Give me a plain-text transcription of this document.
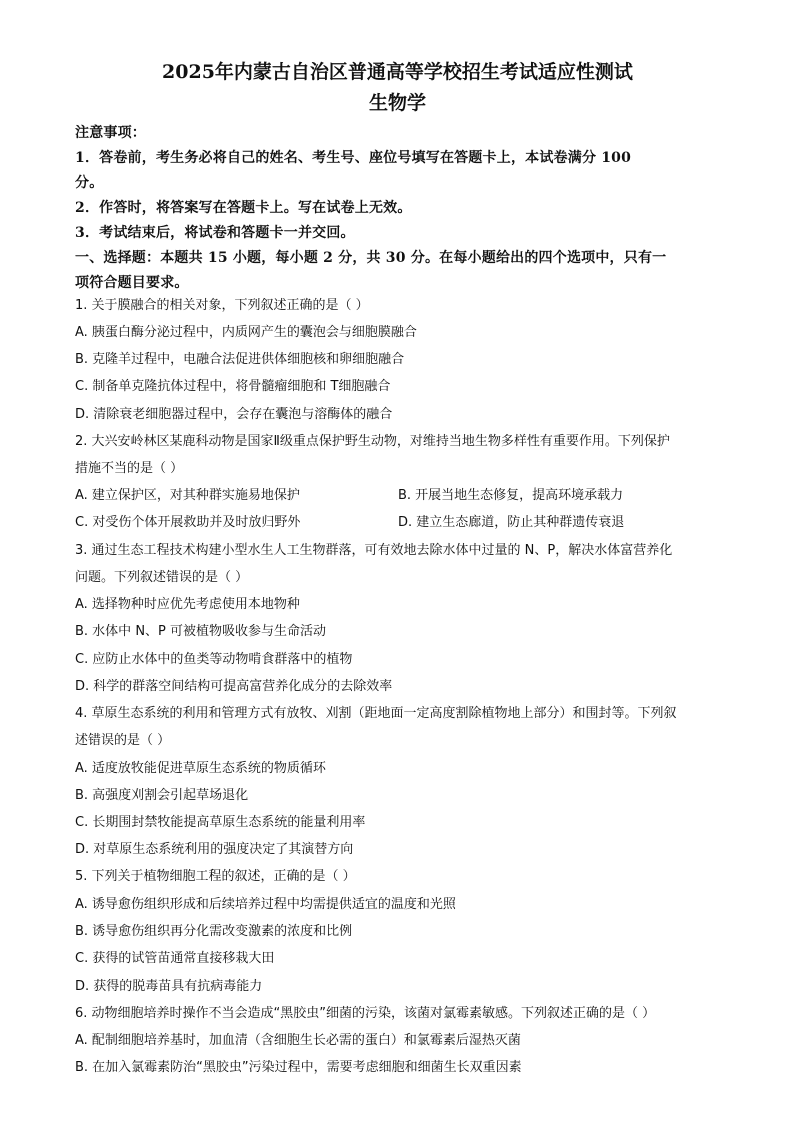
2025年内蒙古自治区普通高等学校招生考试适应性测试
生物学
注意事项：
1．答卷前，考生务必将自己的姓名、考生号、座位号填写在答题卡上，本试卷满分 100
分。
2．作答时，将答案写在答题卡上。写在试卷上无效。
3．考试结束后，将试卷和答题卡一并交回。
一、选择题：本题共 15 小题，每小题 2 分，共 30 分。在每小题给出的四个选项中，只有一
项符合题目要求。
1. 关于膜融合的相关对象，下列叙述正确的是（ ）
A. 胰蛋白酶分泌过程中，内质网产生的囊泡会与细胞膜融合
B. 克隆羊过程中，电融合法促进供体细胞核和卵细胞融合
C. 制备单克隆抗体过程中，将骨髓瘤细胞和 T细胞融合
D. 清除衰老细胞器过程中，会存在囊泡与溶酶体的融合
2. 大兴安岭林区某鹿科动物是国家Ⅱ级重点保护野生动物，对维持当地生物多样性有重要作用。下列保护
措施不当的是（ ）
A. 建立保护区，对其种群实施易地保护	B. 开展当地生态修复，提高环境承载力
C. 对受伤个体开展救助并及时放归野外	D. 建立生态廊道，防止其种群遗传衰退
3. 通过生态工程技术构建小型水生人工生物群落，可有效地去除水体中过量的 N、P，解决水体富营养化
问题。下列叙述错误的是（ ）
A. 选择物种时应优先考虑使用本地物种
B. 水体中 N、P 可被植物吸收参与生命活动
C. 应防止水体中的鱼类等动物啃食群落中的植物
D. 科学的群落空间结构可提高富营养化成分的去除效率
4. 草原生态系统的利用和管理方式有放牧、刈割（距地面一定高度割除植物地上部分）和围封等。下列叙
述错误的是（ ）
A. 适度放牧能促进草原生态系统的物质循环
B. 高强度刈割会引起草场退化
C. 长期围封禁牧能提高草原生态系统的能量利用率
D. 对草原生态系统利用的强度决定了其演替方向
5. 下列关于植物细胞工程的叙述，正确的是（ ）
A. 诱导愈伤组织形成和后续培养过程中均需提供适宜的温度和光照
B. 诱导愈伤组织再分化需改变激素的浓度和比例
C. 获得的试管苗通常直接移栽大田
D. 获得的脱毒苗具有抗病毒能力
6. 动物细胞培养时操作不当会造成“黑胶虫”细菌的污染，该菌对氯霉素敏感。下列叙述正确的是（ ）
A. 配制细胞培养基时，加血清（含细胞生长必需的蛋白）和氯霉素后湿热灭菌
B. 在加入氯霉素防治“黑胶虫”污染过程中，需要考虑细胞和细菌生长双重因素
